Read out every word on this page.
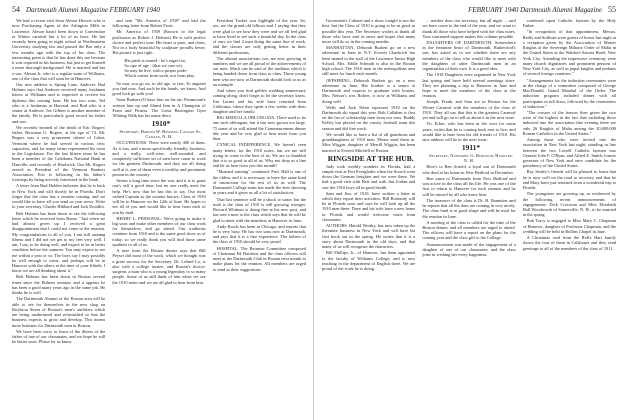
54 Dartmouth Alumni Magazine FEBRUARY 1940

We had a recent visit from Aleson Hoover who is now Purchasing Agent of the Arlington Mills in Lawrence. Aleson hasn't been down to Convention or Winter carnival but a lot of us have. He has recently been going in night school at Northeastern University studying law and passed the Bar only a few months ago with the top of his class. The interesting point is that he has done this not because it was required in his business, but just to get himself a more thorough background. He is married and has a son. Aleson Jr. who is a regular mate of Williams, one of the class that will soon be in Hanover.

Our new address is Spring Lane, Andover. Bud Holmes says that Andover received many freshmen letters at Williams and is expected to receive his diploma this coming June. He has two sons. Ted who is a freshman at Harvard, and Bud who is a senior at Andover. Joe Gilbert is another member of the family. He is particularly good record for father and son.

We recently learned of the death of Eric Rogers' father, Bowman G. Rogers, at the age of 74. Mr. Rogers was a very prominent citizen of Cabot, Vermont where he had served in various civic capacities, and for many terms represented his town in the Legislature. For the last fifteen years he has been a member of the Caledonia National Bank at Danville, and recently of Hardwick. Our Mr. Rogers served as President of the Vermont Bankers Association. Eric is following in his father's footsteps by being actively interested in the bank.

A letter from Bud Holden indicates that he is back in New York and will shortly be in Florida. Don't forget that the class has a reunion coming, and we would like to have all you send us your news. Write to your secretary, Charlie Hibbard and Jack Doodlin.

Bob Holmes has been down to see the following letter which he received from Rome: "Just when we had almost given up I received a great disappointment that I could not come to the reunion. My congratulations to all of you. I am still running illness and I did not yet get to my feet very well. I am, I say, to be doing well, and expect to be in better condition before the summer. You may expect to see me within a year or so. The boys say I may possibly be well enough to come, and perhaps will be in Hanover with the others at the time of your fiftieth. I know we are all thinking about it."

Bob Holmes has been down in Boston several times since the Holmes reunion, and it appears he has been a good many years ago in the same job. He thinks he is well.

The Dartmouth Alumni of the Boston area will be able to see for themselves in the new shop on Boylston Street of Boston's men's outfitters which are being modernized and refurnished so that the business expects to grow and develop. This means more business for Dartmouth men in Boston.

We have been sorry to learn of the illness of the father of one of our classmates, and we hope he will be better soon. Please let us know.

and sent "Mr. America of 1939" and had the following letter from Robert Frost:

Mr. America of 1939 (Known to the legal profession as Robert J. Holmes) He is with perfect choice and perfect tone, His heart is pure, and clean, Not in a body beautiful by sculpture proudly hewn: His picture is just right.

His pride is earned - he's eager too,
So ripe of age - (that we care so);
So may he live, with a proper pride-
Which comes from work, not from play.

So may you go on, to old age, to rest, To anguish you find now, And such be the hands, we know, And good luck go with you!

Soon Burberry'll have him on his air; Paramount's written him up and filmed him in A Champion of Form and Fitness. The Great Barrington Gym Whiting Walk has his name there.

1910*

Secretary, Harold W. Bowman, Canaan St., Canaan, N. H.

OCCUPATIONS. There were nearly 400 of them. As it was, and a more specifically friendly, business, and a really, well-wise, well-rounded, and completely sufficient set of men have come to work for the greatest Dartmouth, and they are all doing well at it, one of them even a wealthy and prominent person in the country.

Seems a long time since the war, and it is to grant one's self a good time, but no one really need the help. He's now that he has this to say. Our most valued Captain as the country knows, Class of 1910 will be in Hanover on the 12th of June. He hopes to see all of you and would like to hear from each of you by mail.

HENRY L. PERSONAL: We're going to make it big soon and make other members of our class work for themselves, and go ahead. Our traditions continue from 1910 and is the same good show as of today, so we really think you will find those same qualities in all of us.

A note from the Boston dinner says that Bill Peyser did most of the work, which we thought was a great success for the Secretary. Dr. Leland Lo, is also with a college trustee, and Boston's doctor-surgeon, a man who is a young legendary to so many people. Some of us still think of him when we see the 1910 notes and we are all glad to hear from him.

President Tucker was highlight of the year. So, too, are the grand old fellows and 1 saying that they were glad to see how they were and we all feel glad to have lived to see such a beautiful day. In the class of ours we find 2 men doing the same line of work, and the classes are only getting better in their different professions.

The alumni associations, too, are now growing in numbers and we are all proud of the achievements of our men. Much can be said of the tradition which is being handed down from class to class. These young men who are now at Dartmouth should look to us as an example.

And when you find golden wedding anniversary coming along, don't forget to let the secretary know. Jim Lerner and his wife have returned from California, where they spent a few weeks with their daughter and her family.

BIG MEDULLA OBLONGATA. There used to be one such oblongata, but it has now grown too large. 75 some of us will attend the Commencement dinner this year and be very glad to hear more from you then.

CYNICAL INDIFFERENCE. We haven't seen many letters, for the 1910 notes, but we are still trying to come to the best of us. We are so thankful that it is so good to all of us. Why not drop us a line and let us hear from you this month?

"Mustard training" continued: Prof. Hall is one of the oldest, and it is necessary to have the same kind of instruction for the rest of us as well. The Dartmouth College team has made the best showing in years and it gives us all a lot of satisfaction.

That last sentence will be a shock to some, but the truth is the class of 1910 is still growing stronger. Howard Whittum is doing fine at his new post, and has sent a note to the class which says that he will be glad to meet with the members at Hanover in June.

Andy Rawls has been in Chicago, and reports that he is very busy. He has two sons now at Dartmouth, and says that it is a fine experience. The fathers of the class of 1910 should be very proud.

HOSPITAL. The Reunion Committee composed of Chairman Ed Hawkins and the class officers will meet at the Dartmouth Club in Boston next month to make plans for the reunion. All members are urged to send in their suggestions.

FEBRUARY 1940 Dartmouth Alumni Magazine 55

Gorenstein's Cabaret and a show tonight is not the best, but the Class of 1910 is going to be as good as possible this year. The Secretary wishes to thank all those who have sent in news and hopes that many more will do so in the coming months.

MANHATTAN. Deborah Burkett go on a new adventure in June in N.Y. Everett Chadwick has been named to the staff of the Lawrence Junior High School, Mrs. Eddie Schmidt is also in the Boston high school. The 1910 men in the metropolitan area still meet for lunch each month.

OFFSPRING. Deborah Burkett go on a new adventure in June. Her brother is a senior at Dartmouth and expects to graduate with honors. Mrs. Nelson's son, Robert, is now at Williams and doing well.

Wells and Jack Tobin represent 1910 on the Dartmouth ski squad this year. Bob Callahan is first on the list of scholarship men from our sons. Buddy Kelley has played on the varsity football team this season and did fine work.

We would like to have a list of all grandsons and granddaughters of 1910 men. Please send them in. Miss Wiggin, daughter of Merrill Wiggin, has been married to Everett Mitchell of Boston.

RINGSIDE AT THE HUB.

Judy took weekly wonders in Florida, had a simple visit at Fort Everglades when the Scotch went down the German freighter and we were there. We had a good visit with Bert and with Jim Jordan and saw the 1910 boys all in good health.

Sam and Jim, of 1910, have written a letter in which they report their activities. Bill Bottomly will be in Florida soon and says he will look up all the 1910 men there. Dave and his wife have a new home in Florida and would welcome visits from classmates.

AUTHORS. Harold Worthy, has now taken up the literature business in New York and will have his first book out in the spring. He writes that it is a story about Dartmouth in the old days, and that many of us will recognize the characters.

Bill Phillips, Jr., of Hanover, has been appointed to the faculty of Williams College, and is now teaching in the department of English there. We are proud of the work he is doing.

... neither does our secretary, but all night. ... and we have come to the end of the year, and we want to thank all those who have helped with the class notes. Your continued support makes this column possible.

DAUGHTERS OF DARTMOUTH. Somewhere in the feminine heart of Dartmouth, Rutherford's son, has asked us to see whether there are any members of the class who would like to meet with the daughters of other Dartmouth men in an organization of their own. It is a good idea.

The 1910 Daughters were organized in New York last spring and have held several meetings since. They are planning a trip to Hanover in June and hope to meet the members of the class at the reunion.

Joseph, Frank, and Sam are in Boston for the Winter Carnival with the members of the class of 1910. They all say that this is the greatest Carnival yet and will go on to tell us about it in the next issue.

Vic Ecker, who has been in the west for some years, writes that he is coming back east to live, and would like to hear from his old friends of 1910. His new address will be in the next issue.

1911*

Secretary, Nathaniel G. Burleigh, Hanover, N. H.

Here's to Ben Arnold, a loyal son of Dartmouth who died at his home in New Bedford in December.

Ben came to Dartmouth from New Bedford and was active in the class all his life. He was one of the first to return to Hanover for each reunion and he will be missed by all who knew him.

The treasurer of the class is Dr. H. Bannister and he reports that all the dues are coming in very nicely. The class fund is in good shape and will be used for the reunion in June.

A meeting of the class is called for the time of the Boston dinner, and all members are urged to attend. The officers will have a report on the plans for the coming year and the class gift to the College.

Announcement was made of the engagement of a daughter of one of our classmates, and the class joins in wishing her every happiness.

conferred upon Catholic laymen by the Holy Father.

"In recognition of that appointment, Messrs. Reilly and Sullivan were guests of honor last night at a reception given by the Association of Master Knights of the Sovereign Military Order of Malta in the United States at the Waldorf-Astoria Hotel, New York City. Attending the impressive ceremony were many church dignitaries and prominent persons of New York City, as well as papal knights and prelates of several foreign countries."

"Arrangements for the induction ceremonies were in the charge of a committee composed of George MacDonald, Grand Marshal of the Order. The induction program included dinner with all participants in full dress, followed by the ceremonies of induction."

"The crosses of the honors then given the two were of the highest in the fact that including those inducted into the association that evening there are only 26 Knights of Malta among the 20,000,000 Roman Catholics in the United States."

Among those who were invited into the association in New York last night, standing in line between the two Lowell Catholic laymen was General John F. O'Ryan, and Alfred E. Smith, former governor of New York and once candidate for the presidency of the United States.

Ray Sealey's friends will be pleased to learn that he is now well on the road to recovery and that he and Mary have just returned from a wonderful trip to Florida.

The youngsters are growing up, as evidenced by the following recent announcements of engagements: Dick Corcoran and Miss Elizabeth Hall Woodworth of Somerville, N. H., to be married in the spring.

Bob Tracy is engaged to Miss Mary C. Chapman of Hanover, daughter of Professor Chapman, and the wedding will be held in Rollins Chapel in June.

A Christmas card from the Rolfe Hart family shows the four of them in California and they send greetings to all of the members of the class of 1911.
